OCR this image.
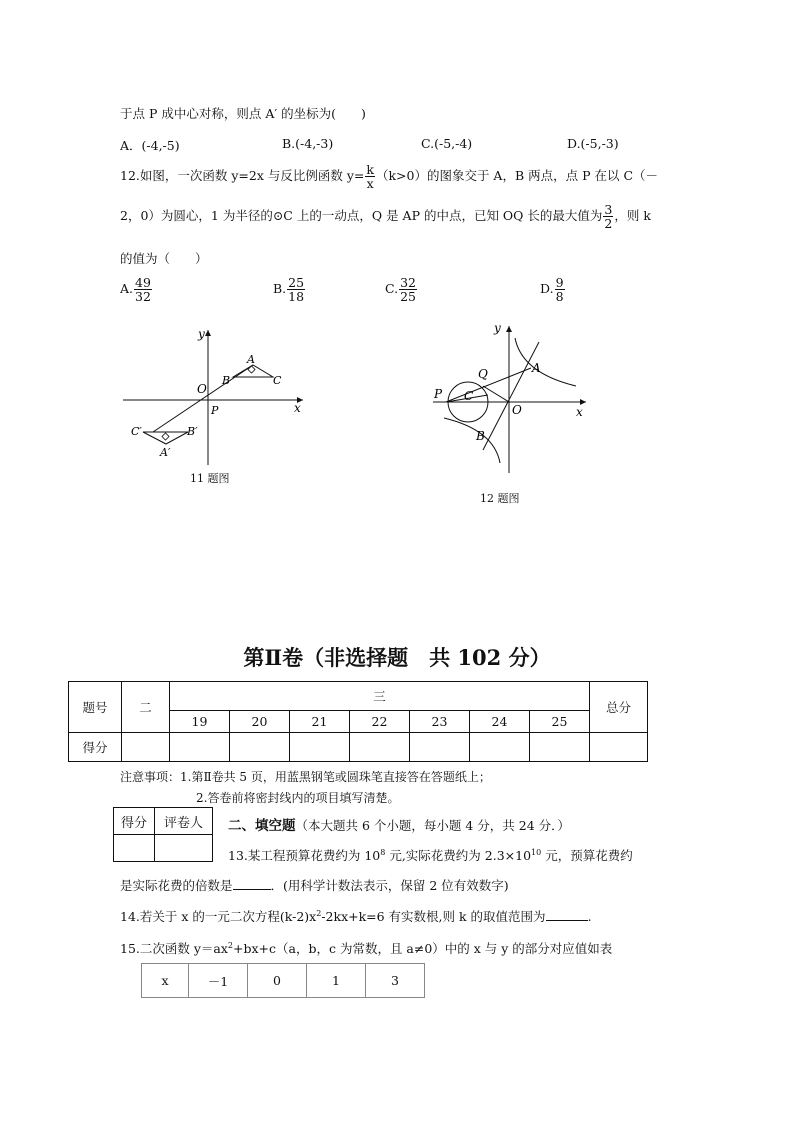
于点 P 成中心对称，则点 A′ 的坐标为(　　)
A．(-4,-5)	B.(-4,-3)	C.(-5,-4)	D.(-5,-3)
12.如图，一次函数 y=2x 与反比例函数 $y= \frac{k}{x} (k>0)$的图象交于 A，B 两点，点 P 在以 C（－
2，0）为圆心，1 为半径的⊙C 上的一动点，Q 是 AP 的中点，已知 OQ 长的最大值为 $\frac{3}{2}$ ，则 k
的值为（　　）
A. $\frac{49}{32}$	B. $\frac{25}{18}$	C. $\frac{32}{25}$	D. $\frac{9}{8}$
y
x
O
A
B	C
P
C′	B′
A′
11 题图
y
x
O
A
B
C
P
Q
12 题图
第Ⅱ卷（非选择题　共 102 分）
题号	二	三							总分
		19	20	21	22	23	24	25	
得分									
注意事项：1.第Ⅱ卷共 5 页，用蓝黑钢笔或圆珠笔直接答在答题纸上；
2.答卷前将密封线内的项目填写清楚。
得分	评卷人
	二、填空题（本大题共 6 个小题，每小题 4 分，共 24 分．）
13.某工程预算花费约为 $10^8$ 元,实际花费约为 $2.3\times 10^{10}$ 元，预算花费约
是实际花费的倍数是	．(用科学计数法表示，保留 2 位有效数字)
14.若关于 x 的一元二次方程$(k-2)x^2-2kx+k=6$ 有实数根,则 k 的取值范围为	.
15.二次函数 $y=ax^2+bx+c(a$，b，c 为常数，且 a≠0）中的 x 与 y 的部分对应值如表
x	－1	0	1	3
